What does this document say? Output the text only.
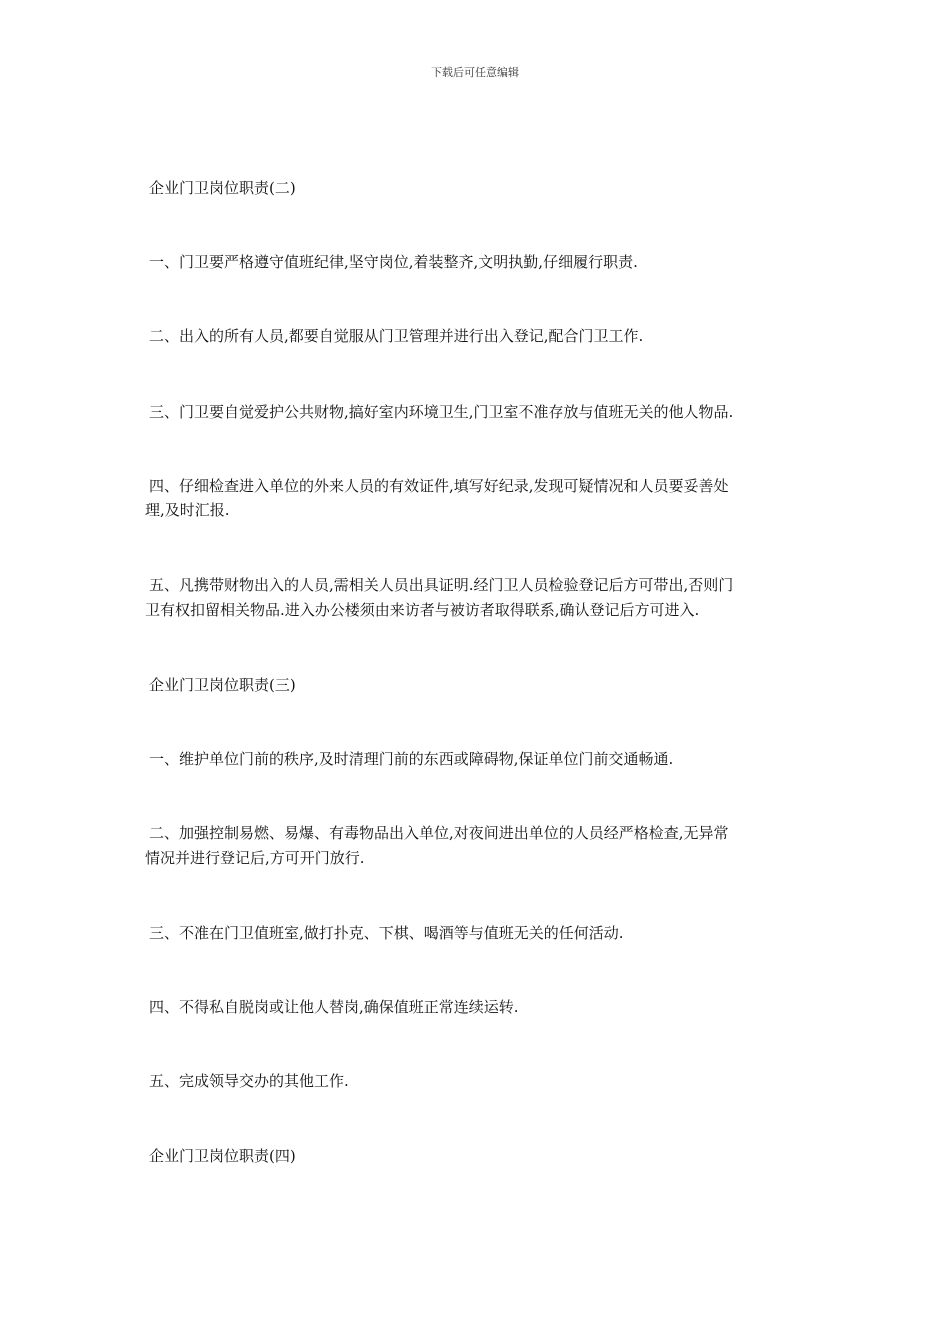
下载后可任意编辑
企业门卫岗位职责(二)
一、门卫要严格遵守值班纪律,坚守岗位,着装整齐,文明执勤,仔细履行职责.
二、出入的所有人员,都要自觉服从门卫管理并进行出入登记,配合门卫工作.
三、门卫要自觉爱护公共财物,搞好室内环境卫生,门卫室不准存放与值班无关的他人物品.
四、仔细检查进入单位的外来人员的有效证件,填写好纪录,发现可疑情况和人员要妥善处
理,及时汇报.
五、凡携带财物出入的人员,需相关人员出具证明.经门卫人员检验登记后方可带出,否则门
卫有权扣留相关物品.进入办公楼须由来访者与被访者取得联系,确认登记后方可进入.
企业门卫岗位职责(三)
一、维护单位门前的秩序,及时清理门前的东西或障碍物,保证单位门前交通畅通.
二、加强控制易燃、易爆、有毒物品出入单位,对夜间进出单位的人员经严格检查,无异常
情况并进行登记后,方可开门放行.
三、不准在门卫值班室,做打扑克、下棋、喝酒等与值班无关的任何活动.
四、不得私自脱岗或让他人替岗,确保值班正常连续运转.
五、完成领导交办的其他工作.
企业门卫岗位职责(四)
